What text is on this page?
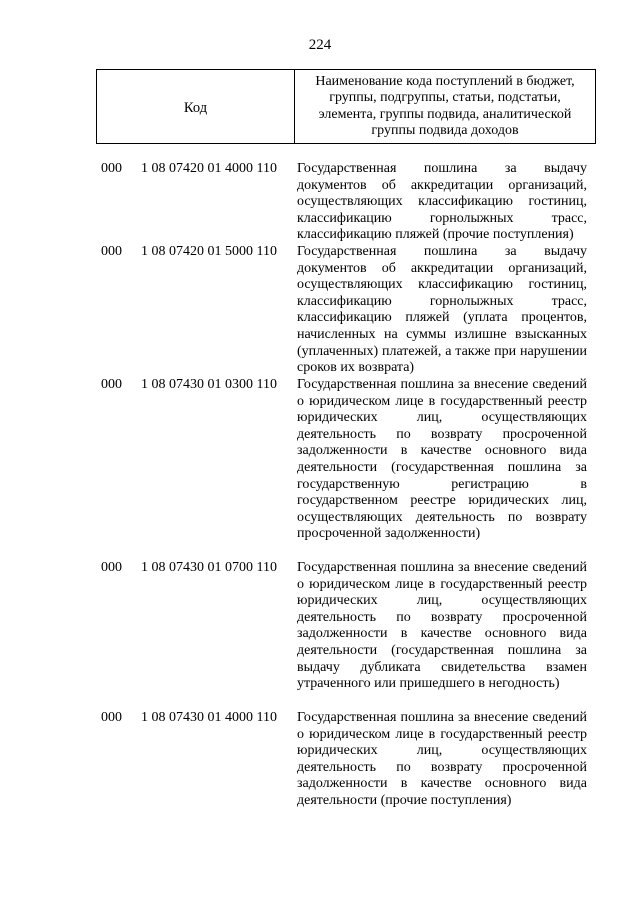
224
Код
Наименование кода поступлений в бюджет, группы, подгруппы, статьи, подстатьи, элемента, группы подвида, аналитической группы подвида доходов
000 1 08 07420 01 4000 110 Государственная пошлина за выдачу документов об аккредитации организаций, осуществляющих классификацию гостиниц, классификацию горнолыжных трасс, классификацию пляжей (прочие поступления)
000 1 08 07420 01 5000 110 Государственная пошлина за выдачу документов об аккредитации организаций, осуществляющих классификацию гостиниц, классификацию горнолыжных трасс, классификацию пляжей (уплата процентов, начисленных на суммы излишне взысканных (уплаченных) платежей, а также при нарушении сроков их возврата)
000 1 08 07430 01 0300 110 Государственная пошлина за внесение сведений о юридическом лице в государственный реестр юридических лиц, осуществляющих деятельность по возврату просроченной задолженности в качестве основного вида деятельности (государственная пошлина за государственную регистрацию в государственном реестре юридических лиц, осуществляющих деятельность по возврату просроченной задолженности)
000 1 08 07430 01 0700 110 Государственная пошлина за внесение сведений о юридическом лице в государственный реестр юридических лиц, осуществляющих деятельность по возврату просроченной задолженности в качестве основного вида деятельности (государственная пошлина за выдачу дубликата свидетельства взамен утраченного или пришедшего в негодность)
000 1 08 07430 01 4000 110 Государственная пошлина за внесение сведений о юридическом лице в государственный реестр юридических лиц, осуществляющих деятельность по возврату просроченной задолженности в качестве основного вида деятельности (прочие поступления)
